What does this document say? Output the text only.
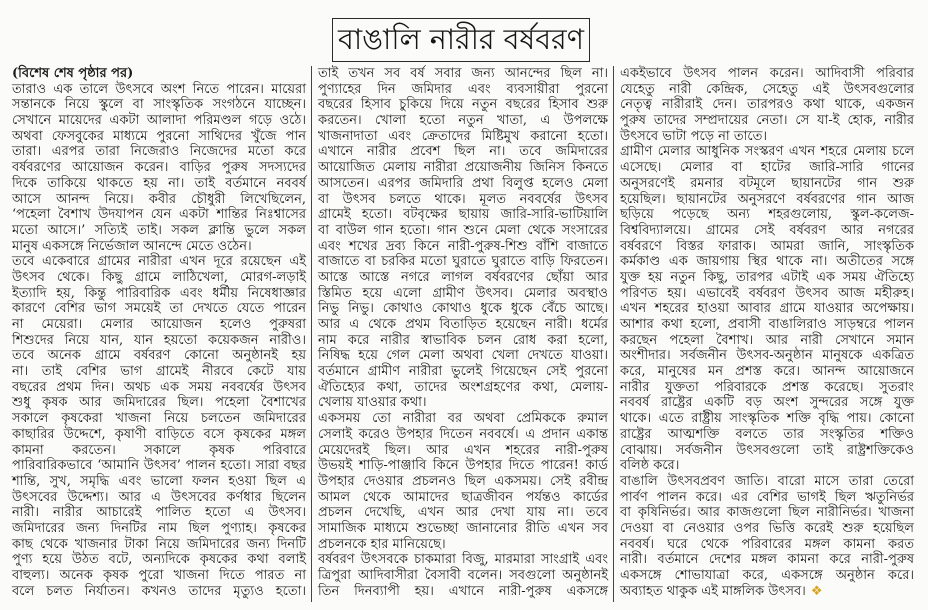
বাঙালি নারীর বর্ষবরণ
(বিশেষ শেষ পৃষ্ঠার পর)
তারাও এক তালে উৎসবে অংশ নিতে পারেন। মায়েরা
সন্তানকে নিয়ে স্কুলে বা সাংস্কৃতিক সংগঠনে যাচ্ছেন।
সেখানে মায়েদের একটা আলাদা পরিমণ্ডল গড়ে ওঠে।
অথবা ফেসবুকের মাধ্যমে পুরনো সাথিদের খুঁজে পান
তারা। এরপর তারা নিজেরাও নিজেদের মতো করে
বর্ষবরণের আয়োজন করেন। বাড়ির পুরুষ সদস্যদের
দিকে তাকিয়ে থাকতে হয় না। তাই বর্তমানে নববর্ষ
আসে আনন্দ নিয়ে। কবীর চৌধুরী লিখেছিলেন,
‘পহেলা বৈশাখ উদযাপন যেন একটা শান্তির নিঃশ্বাসের
মতো আসে।’ সত্যিই তাই। সকল ক্লান্তি ভুলে সকল
মানুষ একসঙ্গে নির্ভেজাল আনন্দে মেতে ওঠেন।
তবে একেবারে গ্রামের নারীরা এখন দূরে রয়েছেন এই
উৎসব থেকে। কিছু গ্রামে লাঠিখেলা, মোরগ-লড়াই
ইত্যাদি হয়, কিন্তু পারিবারিক এবং ধর্মীয় নিষেধাজ্ঞার
কারণে বেশির ভাগ সময়েই তা দেখতে যেতে পারেন
না মেয়েরা। মেলার আয়োজন হলেও পুরুষরা
শিশুদের নিয়ে যান, যান হয়তো কয়েকজন নারীও।
তবে অনেক গ্রামে বর্ষবরণ কোনো অনুষ্ঠানই হয়
না। তাই বেশির ভাগ গ্রামেই নীরবে কেটে যায়
বছরের প্রথম দিন। অথচ এক সময় নববর্ষের উৎসব
শুধু কৃষক আর জমিদারের ছিল। পহেলা বৈশাখের
সকালে কৃষকেরা খাজনা নিয়ে চলতেন জমিদারের
কাছারির উদ্দেশে, কৃষাণী বাড়িতে বসে কৃষকের মঙ্গল
কামনা করতেন। সকালে কৃষক পরিবারে
পারিবারিকভাবে ‘আমানি উৎসব’ পালন হতো। সারা বছর
শান্তি, সুখ, সমৃদ্ধি এবং ভালো ফলন হওয়া ছিল এ
উৎসবের উদ্দেশ্য। আর এ উৎসবের কর্ণধার ছিলেন
নারী। নারীর আচারেই পালিত হতো এ উৎসব।
জমিদারের জন্য দিনটির নাম ছিল পুণ্যাহ। কৃষকের
কাছ থেকে খাজনার টাকা নিয়ে জমিদারের জন্য দিনটি
পুণ্য হয়ে উঠত বটে, অন্যদিকে কৃষকের কথা বলাই
বাহুল্য। অনেক কৃষক পুরো খাজনা দিতে পারত না
বলে চলত নির্যাতন। কখনও তাদের মৃত্যুও হতো।
তাই তখন সব বর্ষ সবার জন্য আনন্দের ছিল না।
পুণ্যাহের দিন জমিদার এবং ব্যবসায়ীরা পুরনো
বছরের হিসাব চুকিয়ে দিয়ে নতুন বছরের হিসাব শুরু
করতেন। খোলা হতো নতুন খাতা, এ উপলক্ষে
খাজনাদাতা এবং ক্রেতাদের মিষ্টিমুখ করানো হতো।
এখানে নারীর প্রবেশ ছিল না। তবে জমিদারের
আয়োজিত মেলায় নারীরা প্রয়োজনীয় জিনিস কিনতে
আসতেন। এরপর জমিদারি প্রথা বিলুপ্ত হলেও মেলা
বা উৎসব চলতে থাকে। মূলত নববর্ষের উৎসব
গ্রামেই হতো। বটবৃক্ষের ছায়ায় জারি-সারি-ভাটিয়ালি
বা বাউল গান হতো। গান শুনে মেলা থেকে সংসারের
এবং শখের দ্রব্য কিনে নারী-পুরুষ-শিশু বাঁশি বাজাতে
বাজাতে বা চরকির মতো ঘুরাতে ঘুরাতে বাড়ি ফিরতেন।
আস্তে আস্তে নগরে লাগল বর্ষবরণের ছোঁয়া আর
স্তিমিত হয়ে এলো গ্রামীণ উৎসব। মেলার অবস্থাও
নিভু নিভু। কোথাও কোথাও ধুকে ধুকে বেঁচে আছে।
আর এ থেকে প্রথম বিতাড়িত হয়েছেন নারী। ধর্মের
নাম করে নারীর স্বাভাবিক চলন রোধ করা হলো,
নিষিদ্ধ হয়ে গেল মেলা অথবা খেলা দেখতে যাওয়া।
বর্তমানে গ্রামীণ নারীরা ভুলেই গিয়েছেন সেই পুরনো
ঐতিহ্যের কথা, তাদের অংশগ্রহণের কথা, মেলায়-
খেলায় যাওয়ার কথা।
একসময় তো নারীরা বর অথবা প্রেমিককে রুমাল
সেলাই করেও উপহার দিতেন নববর্ষে। এ প্রদান একান্ত
মেয়েদেরই ছিল। আর এখন শহরের নারী-পুরুষ
উভয়ই শাড়ি-পাঞ্জাবি কিনে উপহার দিতে পারেন! কার্ড
উপহার দেওয়ার প্রচলনও ছিল একসময়। সেই রবীন্দ্র
আমল থেকে আমাদের ছাত্রজীবন পর্যন্তও কার্ডের
প্রচলন দেখেছি, এখন আর দেখা যায় না। তবে
সামাজিক মাধ্যমে শুভেচ্ছা জানানোর রীতি এখন সব
প্রচলনকে হার মানিয়েছে।
বর্ষবরণ উৎসবকে চাকমারা বিজু, মারমারা সাংগ্রাই এবং
ত্রিপুরা আদিবাসীরা বৈসাবী বলেন। সবগুলো অনুষ্ঠানই
তিন দিনব্যাপী হয়। এখানে নারী-পুরুষ একসঙ্গে
একইভাবে উৎসব পালন করেন। আদিবাসী পরিবার
যেহেতু নারী কেন্দ্রিক, সেহেতু এই উৎসবগুলোর
নেতৃত্ব নারীরাই দেন। তারপরও কথা থাকে, একজন
পুরুষ তাদের সম্প্রদায়ের নেতা। সে যা-ই হোক, নারীর
উৎসবে ভাটা পড়ে না তাতে।
গ্রামীণ মেলার আধুনিক সংস্করণ এখন শহরে মেলায় চলে
এসেছে। মেলার বা হাটের জারি-সারি গানের
অনুসরণেই রমনার বটমূলে ছায়ানটের গান শুরু
হয়েছিল। ছায়ানটের অনুসরণে বর্ষবরণের গান আজ
ছড়িয়ে পড়েছে অন্য শহরগুলোয়, স্কুল-কলেজ-
বিশ্ববিদ্যালয়ে। গ্রামের সেই বর্ষবরণ আর নগরের
বর্ষবরণে বিস্তর ফারাক। আমরা জানি, সাংস্কৃতিক
কর্মকাণ্ড এক জায়গায় স্থির থাকে না। অতীতের সঙ্গে
যুক্ত হয় নতুন কিছু, তারপর এটাই এক সময় ঐতিহ্যে
পরিণত হয়। এভাবেই বর্ষবরণ উৎসব আজ মহীরুহ।
এখন শহরের হাওয়া আবার গ্রামে যাওয়ার অপেক্ষায়।
আশার কথা হলো, প্রবাসী বাঙালিরাও সাড়ম্বরে পালন
করছেন পহেলা বৈশাখ। আর নারী সেখানে সমান
অংশীদার। সর্বজনীন উৎসব-অনুষ্ঠান মানুষকে একত্রিত
করে, মানুষের মন প্রশস্ত করে। আনন্দ আয়োজনে
নারীর যুক্ততা পরিবারকে প্রশস্ত করেছে। সুতরাং
নববর্ষ রাষ্ট্রের একটি বড় অংশ সুন্দরের সঙ্গে যুক্ত
থাকে। এতে রাষ্ট্রীয় সাংস্কৃতিক শক্তি বৃদ্ধি পায়। কোনো
রাষ্ট্রের আত্মশক্তি বলতে তার সংস্কৃতির শক্তিও
বোঝায়। সর্বজনীন উৎসবগুলো তাই রাষ্ট্রশক্তিকেও
বলিষ্ঠ করে।
বাঙালি উৎসবপ্রবণ জাতি। বারো মাসে তারা তেরো
পার্বণ পালন করে। এর বেশির ভাগই ছিল ঋতুনির্ভর
বা কৃষিনির্ভর। আর কাজগুলো ছিল নারীনির্ভর। খাজনা
দেওয়া বা নেওয়ার ওপর ভিত্তি করেই শুরু হয়েছিল
নববর্ষ। ঘরে থেকে পরিবারের মঙ্গল কামনা করত
নারী। বর্তমানে দেশের মঙ্গল কামনা করে নারী-পুরুষ
একসঙ্গে শোভাযাত্রা করে, একসঙ্গে অনুষ্ঠান করে।
অব্যাহত থাকুক এই মাঙ্গলিক উৎসব। ❖
